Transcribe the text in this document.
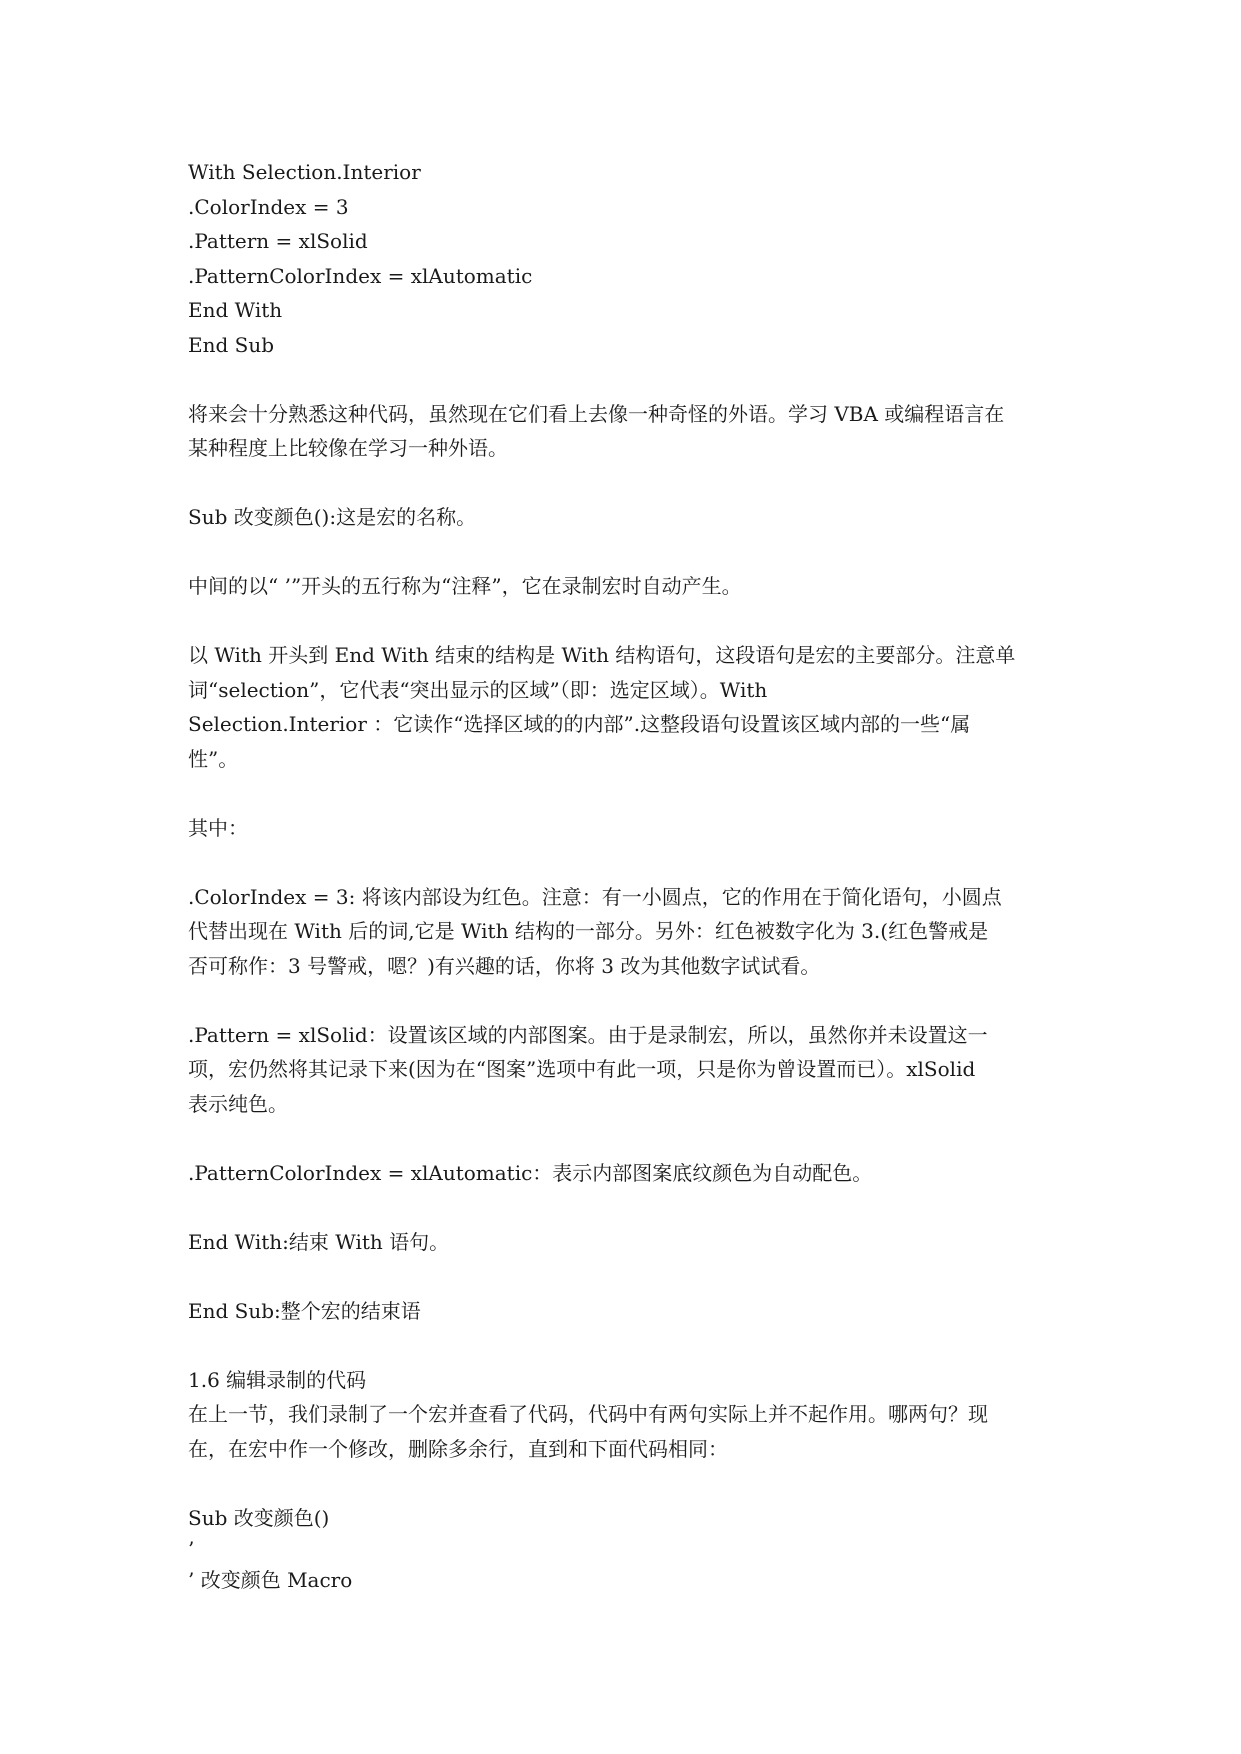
With Selection.Interior
.ColorIndex = 3
.Pattern = xlSolid
.PatternColorIndex = xlAutomatic
End With
End Sub

将来会十分熟悉这种代码，虽然现在它们看上去像一种奇怪的外语。学习 VBA 或编程语言在
某种程度上比较像在学习一种外语。

Sub 改变颜色():这是宏的名称。

中间的以“ ’”开头的五行称为“注释”，它在录制宏时自动产生。

以 With 开头到 End With 结束的结构是 With 结构语句，这段语句是宏的主要部分。注意单
词“selection”，它代表“突出显示的区域”（即：选定区域）。With
Selection.Interior ：它读作“选择区域的的内部”.这整段语句设置该区域内部的一些“属
性”。

其中：

.ColorIndex = 3: 将该内部设为红色。注意：有一小圆点，它的作用在于简化语句，小圆点
代替出现在 With 后的词,它是 With 结构的一部分。另外：红色被数字化为 3.(红色警戒是
否可称作：3 号警戒，嗯？)有兴趣的话，你将 3 改为其他数字试试看。

.Pattern = xlSolid：设置该区域的内部图案。由于是录制宏，所以，虽然你并未设置这一
项，宏仍然将其记录下来(因为在“图案”选项中有此一项，只是你为曾设置而已）。xlSolid
表示纯色。

.PatternColorIndex = xlAutomatic：表示内部图案底纹颜色为自动配色。

End With:结束 With 语句。

End Sub:整个宏的结束语

1.6 编辑录制的代码

在上一节，我们录制了一个宏并查看了代码，代码中有两句实际上并不起作用。哪两句？现
在，在宏中作一个修改，删除多余行，直到和下面代码相同：

Sub 改变颜色()
’
’ 改变颜色 Macro
